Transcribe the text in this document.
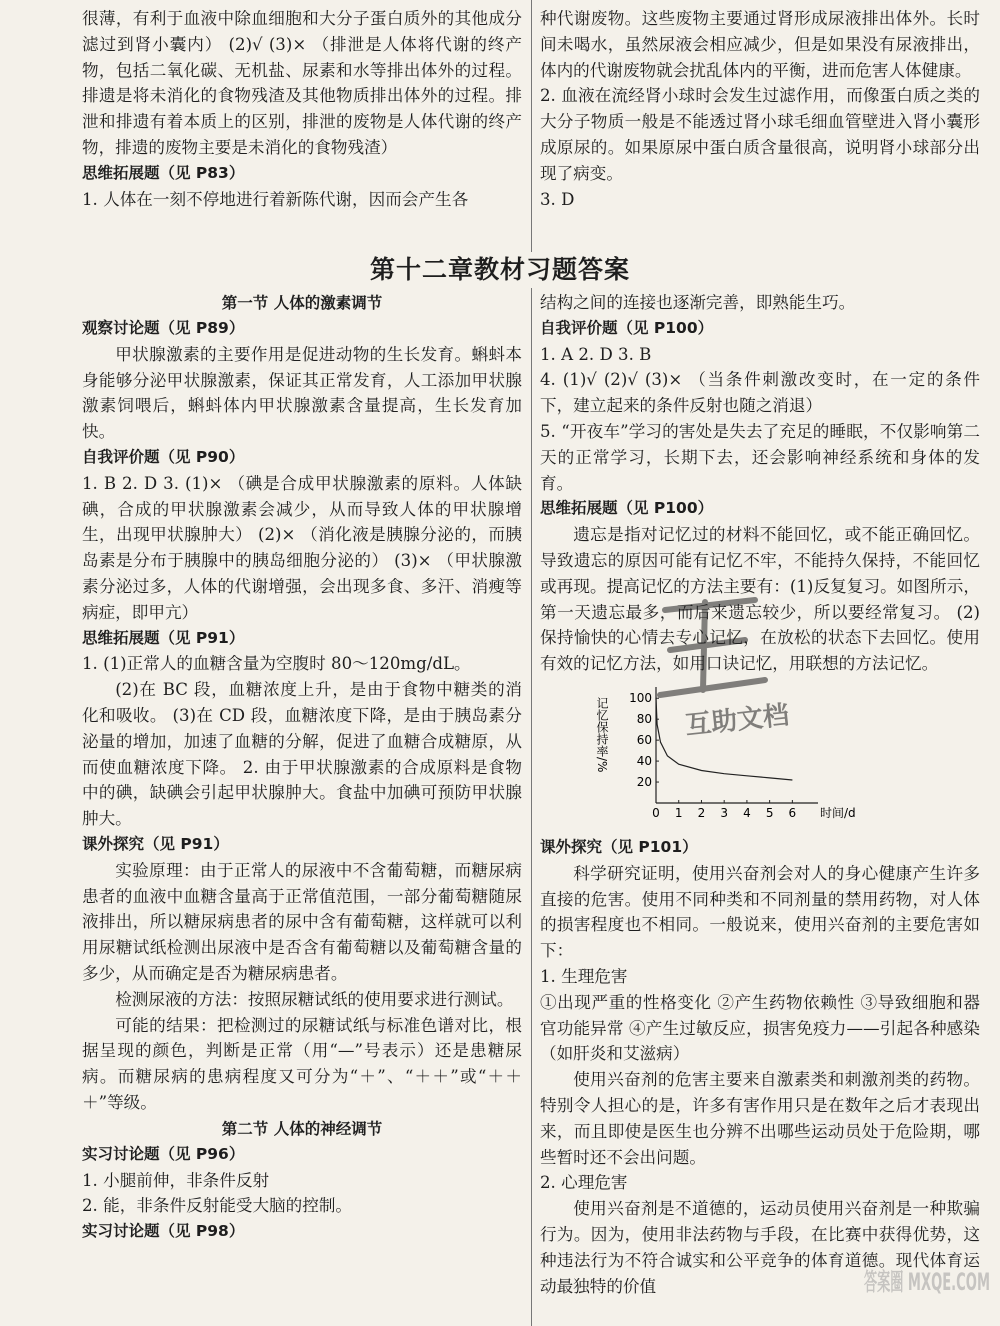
很薄，有利于血液中除血细胞和大分子蛋白质外的其他成分滤过到肾小囊内） (2)√ (3)× （排泄是人体将代谢的终产物，包括二氧化碳、无机盐、尿素和水等排出体外的过程。排遗是将未消化的食物残渣及其他物质排出体外的过程。排泄和排遗有着本质上的区别，排泄的废物是人体代谢的终产物，排遗的废物主要是未消化的食物残渣）

思维拓展题（见 P83）

1. 人体在一刻不停地进行着新陈代谢，因而会产生各

种代谢废物。这些废物主要通过肾形成尿液排出体外。长时间未喝水，虽然尿液会相应减少，但是如果没有尿液排出，体内的代谢废物就会扰乱体内的平衡，进而危害人体健康。

2. 血液在流经肾小球时会发生过滤作用，而像蛋白质之类的大分子物质一般是不能透过肾小球毛细血管壁进入肾小囊形成原尿的。如果原尿中蛋白质含量很高，说明肾小球部分出现了病变。

3. D

第十二章教材习题答案
第一节 人体的激素调节
观察讨论题（见 P89）

甲状腺激素的主要作用是促进动物的生长发育。蝌蚪本身能够分泌甲状腺激素，保证其正常发育，人工添加甲状腺激素饲喂后，蝌蚪体内甲状腺激素含量提高，生长发育加快。

自我评价题（见 P90）

1. B 2. D 3. (1)× （碘是合成甲状腺激素的原料。人体缺碘，合成的甲状腺激素会减少，从而导致人体的甲状腺增生，出现甲状腺肿大） (2)× （消化液是胰腺分泌的，而胰岛素是分布于胰腺中的胰岛细胞分泌的） (3)× （甲状腺激素分泌过多，人体的代谢增强，会出现多食、多汗、消瘦等病症，即甲亢）

思维拓展题（见 P91）

1. (1)正常人的血糖含量为空腹时 80～120mg/dL。

(2)在 BC 段，血糖浓度上升，是由于食物中糖类的消化和吸收。 (3)在 CD 段，血糖浓度下降，是由于胰岛素分泌量的增加，加速了血糖的分解，促进了血糖合成糖原，从而使血糖浓度下降。 2. 由于甲状腺激素的合成原料是食物中的碘，缺碘会引起甲状腺肿大。食盐中加碘可预防甲状腺肿大。

课外探究（见 P91）

实验原理：由于正常人的尿液中不含葡萄糖，而糖尿病患者的血液中血糖含量高于正常值范围，一部分葡萄糖随尿液排出，所以糖尿病患者的尿中含有葡萄糖，这样就可以利用尿糖试纸检测出尿液中是否含有葡萄糖以及葡萄糖含量的多少，从而确定是否为糖尿病患者。

检测尿液的方法：按照尿糖试纸的使用要求进行测试。

可能的结果：把检测过的尿糖试纸与标准色谱对比，根据呈现的颜色，判断是正常（用“—”号表示）还是患糖尿病。而糖尿病的患病程度又可分为“＋”、“＋＋”或“＋＋＋”等级。

第二节 人体的神经调节
实习讨论题（见 P96）

1. 小腿前伸，非条件反射

2. 能，非条件反射能受大脑的控制。

实习讨论题（见 P98）

结构之间的连接也逐渐完善，即熟能生巧。

自我评价题（见 P100）

1. A 2. D 3. B

4. (1)√ (2)√ (3)× （当条件刺激改变时，在一定的条件下，建立起来的条件反射也随之消退）

5. “开夜车”学习的害处是失去了充足的睡眠，不仅影响第二天的正常学习，长期下去，还会影响神经系统和身体的发育。

思维拓展题（见 P100）

遗忘是指对记忆过的材料不能回忆，或不能正确回忆。导致遗忘的原因可能有记忆不牢，不能持久保持，不能回忆或再现。提高记忆的方法主要有：(1)反复复习。如图所示，第一天遗忘最多，而后来遗忘较少，所以要经常复习。 (2)保持愉快的心情去专心记忆，在放松的状态下去回忆。使用有效的记忆方法，如用口诀记忆，用联想的方法记忆。

0 1 2 3 4 5 6
20
40
60
80
100
时间/d
记忆保持率/%
课外探究（见 P101）

科学研究证明，使用兴奋剂会对人的身心健康产生许多直接的危害。使用不同种类和不同剂量的禁用药物，对人体的损害程度也不相同。一般说来，使用兴奋剂的主要危害如下：

1. 生理危害

①出现严重的性格变化 ②产生药物依赖性 ③导致细胞和器官功能异常 ④产生过敏反应，损害免疫力——引起各种感染（如肝炎和艾滋病）

使用兴奋剂的危害主要来自激素类和刺激剂类的药物。特别令人担心的是，许多有害作用只是在数年之后才表现出来，而且即使是医生也分辨不出哪些运动员处于危险期，哪些暂时还不会出问题。

2. 心理危害

使用兴奋剂是不道德的，运动员使用兴奋剂是一种欺骗行为。因为，使用非法药物与手段，在比赛中获得优势，这种违法行为不符合诚实和公平竞争的体育道德。现代体育运动最独特的价值

互助文档
答案圈 MXQE.COM
